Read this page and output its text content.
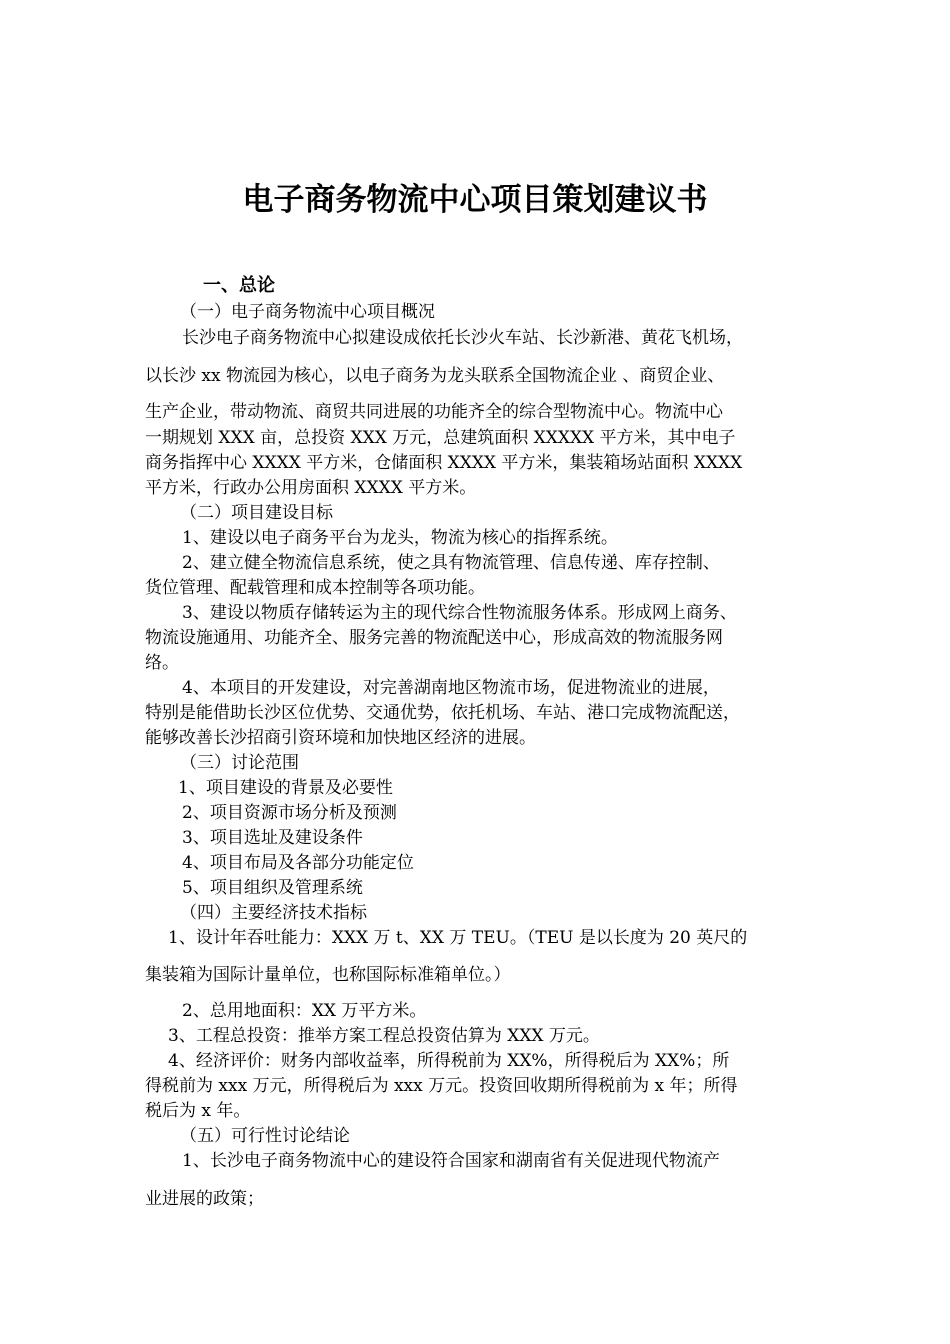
电子商务物流中心项目策划建议书
一、总论
（一）电子商务物流中心项目概况
长沙电子商务物流中心拟建设成依托长沙火车站、长沙新港、黄花飞机场，
以长沙 xx 物流园为核心，以电子商务为龙头联系全国物流企业 、商贸企业、
生产企业，带动物流、商贸共同进展的功能齐全的综合型物流中心。物流中心
一期规划 XXX 亩，总投资 XXX 万元，总建筑面积 XXXXX 平方米，其中电子
商务指挥中心 XXXX 平方米，仓储面积 XXXX 平方米，集装箱场站面积 XXXX
平方米，行政办公用房面积 XXXX 平方米。
（二）项目建设目标
1、建设以电子商务平台为龙头，物流为核心的指挥系统。
2、建立健全物流信息系统，使之具有物流管理、信息传递、库存控制、
货位管理、配载管理和成本控制等各项功能。
3、建设以物质存储转运为主的现代综合性物流服务体系。形成网上商务、
物流设施通用、功能齐全、服务完善的物流配送中心，形成高效的物流服务网
络。
4、本项目的开发建设，对完善湖南地区物流市场，促进物流业的进展，
特别是能借助长沙区位优势、交通优势，依托机场、车站、港口完成物流配送，
能够改善长沙招商引资环境和加快地区经济的进展。
（三）讨论范围
1、项目建设的背景及必要性
2、项目资源市场分析及预测
3、项目选址及建设条件
4、项目布局及各部分功能定位
5、项目组织及管理系统
（四）主要经济技术指标
1、设计年吞吐能力：XXX 万 t、XX 万 TEU。（TEU 是以长度为 20 英尺的
集装箱为国际计量单位，也称国际标准箱单位。）
2、总用地面积：XX 万平方米。
3、工程总投资：推举方案工程总投资估算为 XXX 万元。
4、经济评价：财务内部收益率，所得税前为 XX%，所得税后为 XX%；所
得税前为 xxx 万元，所得税后为 xxx 万元。投资回收期所得税前为 x 年；所得
税后为 x 年。
（五）可行性讨论结论
1、长沙电子商务物流中心的建设符合国家和湖南省有关促进现代物流产
业进展的政策；
